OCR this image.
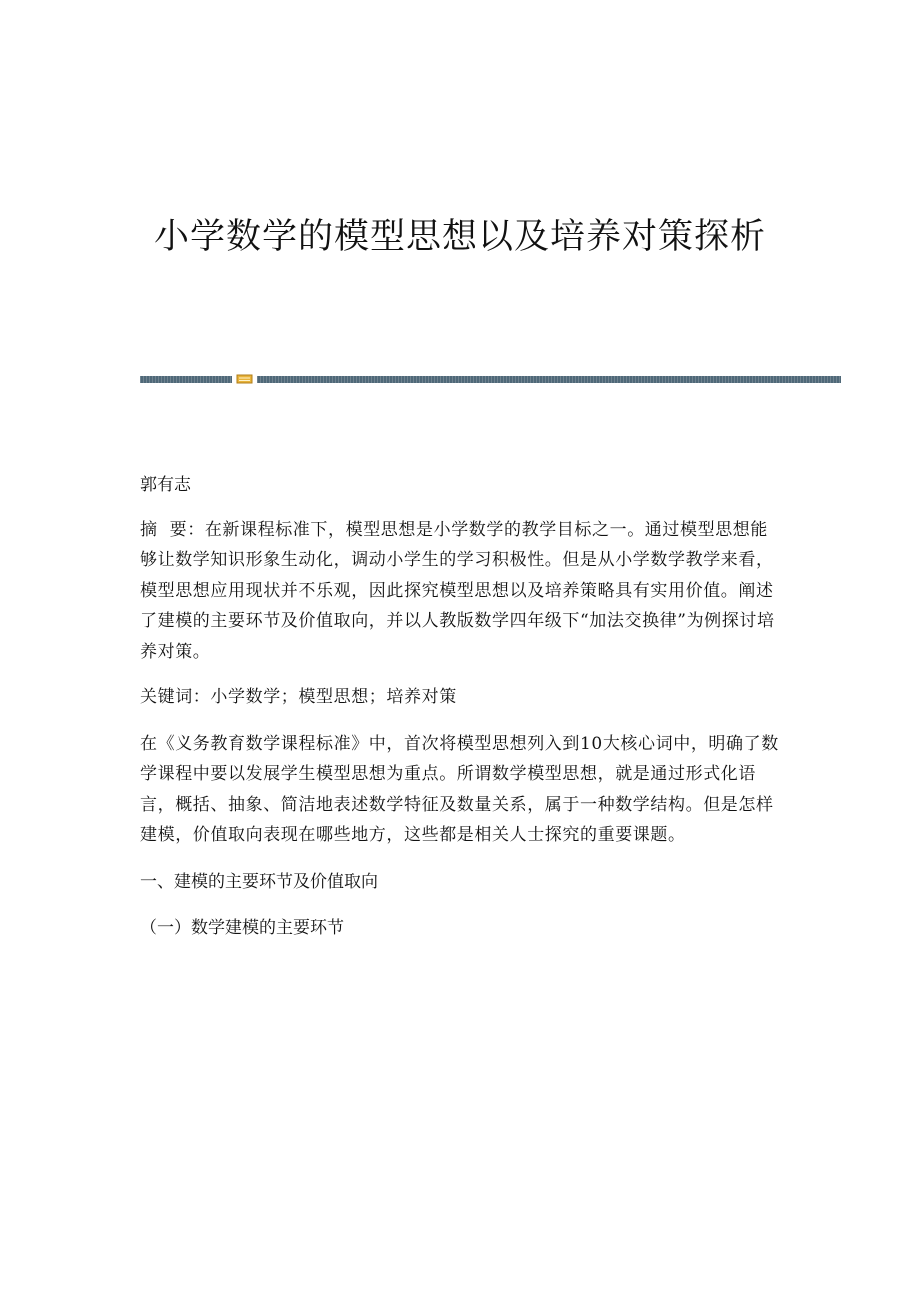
小学数学的模型思想以及培养对策探析

郭有志

摘  要：在新课程标准下，模型思想是小学数学的教学目标之一。通过模型思想能够让数学知识形象生动化，调动小学生的学习积极性。但是从小学数学教学来看，模型思想应用现状并不乐观，因此探究模型思想以及培养策略具有实用价值。阐述了建模的主要环节及价值取向，并以人教版数学四年级下“加法交换律”为例探讨培养对策。

关键词：小学数学；模型思想；培养对策

在《义务教育数学课程标准》中，首次将模型思想列入到10大核心词中，明确了数学课程中要以发展学生模型思想为重点。所谓数学模型思想，就是通过形式化语言，概括、抽象、简洁地表述数学特征及数量关系，属于一种数学结构。但是怎样建模，价值取向表现在哪些地方，这些都是相关人士探究的重要课题。

一、建模的主要环节及价值取向

（一）数学建模的主要环节
